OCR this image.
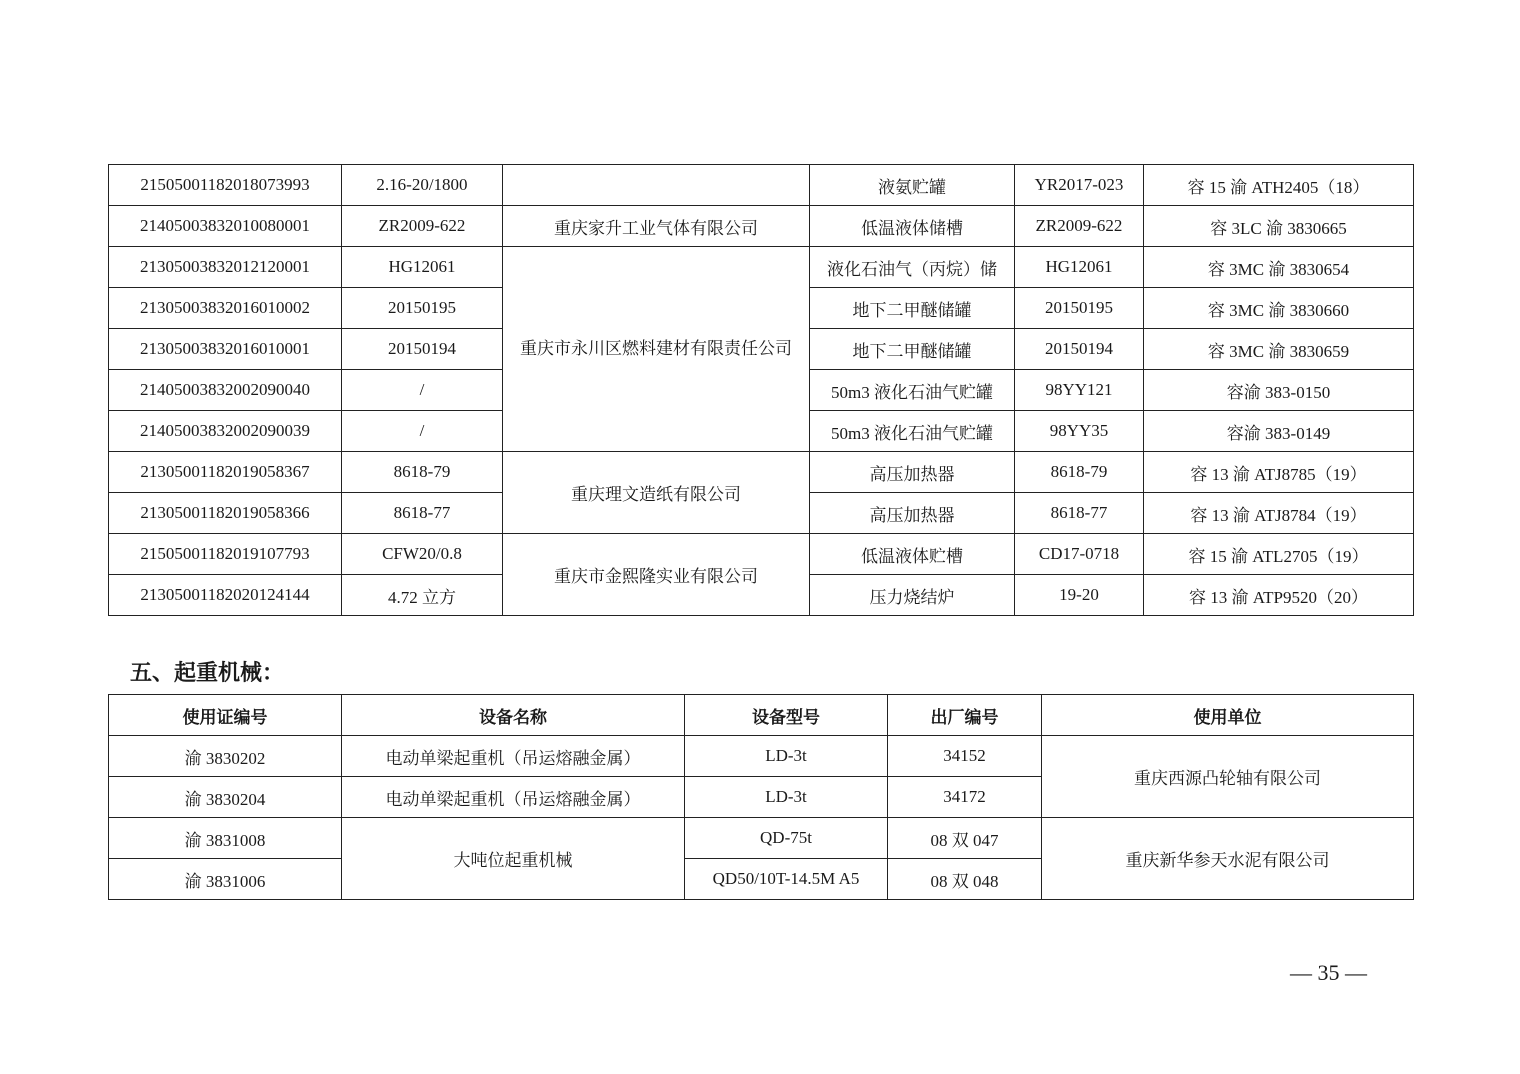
21505001182018073993	2.16-20/1800		液氨贮罐	YR2017-023	容 15 渝 ATH2405（18）
21405003832010080001	ZR2009-622	重庆家升工业气体有限公司	低温液体储槽	ZR2009-622	容 3LC 渝 3830665
21305003832012120001	HG12061	重庆市永川区燃料建材有限责任公司	液化石油气（丙烷）储	HG12061	容 3MC 渝 3830654
21305003832016010002	20150195		地下二甲醚储罐	20150195	容 3MC 渝 3830660
21305003832016010001	20150194		地下二甲醚储罐	20150194	容 3MC 渝 3830659
21405003832002090040	/		50m3 液化石油气贮罐	98YY121	容渝 383-0150
21405003832002090039	/		50m3 液化石油气贮罐	98YY35	容渝 383-0149
21305001182019058367	8618-79	重庆理文造纸有限公司	高压加热器	8618-79	容 13 渝 ATJ8785（19）
21305001182019058366	8618-77		高压加热器	8618-77	容 13 渝 ATJ8784（19）
21505001182019107793	CFW20/0.8	重庆市金熙隆实业有限公司	低温液体贮槽	CD17-0718	容 15 渝 ATL2705（19）
21305001182020124144	4.72 立方		压力烧结炉	19-20	容 13 渝 ATP9520（20）
五、起重机械：
使用证编号	设备名称	设备型号	出厂编号	使用单位
渝 3830202	电动单梁起重机（吊运熔融金属）	LD-3t	34152	重庆西源凸轮轴有限公司
渝 3830204	电动单梁起重机（吊运熔融金属）	LD-3t	34172	
渝 3831008	大吨位起重机械	QD-75t	08 双 047	重庆新华参天水泥有限公司
渝 3831006		QD50/10T-14.5M A5	08 双 048	
— 35 —
